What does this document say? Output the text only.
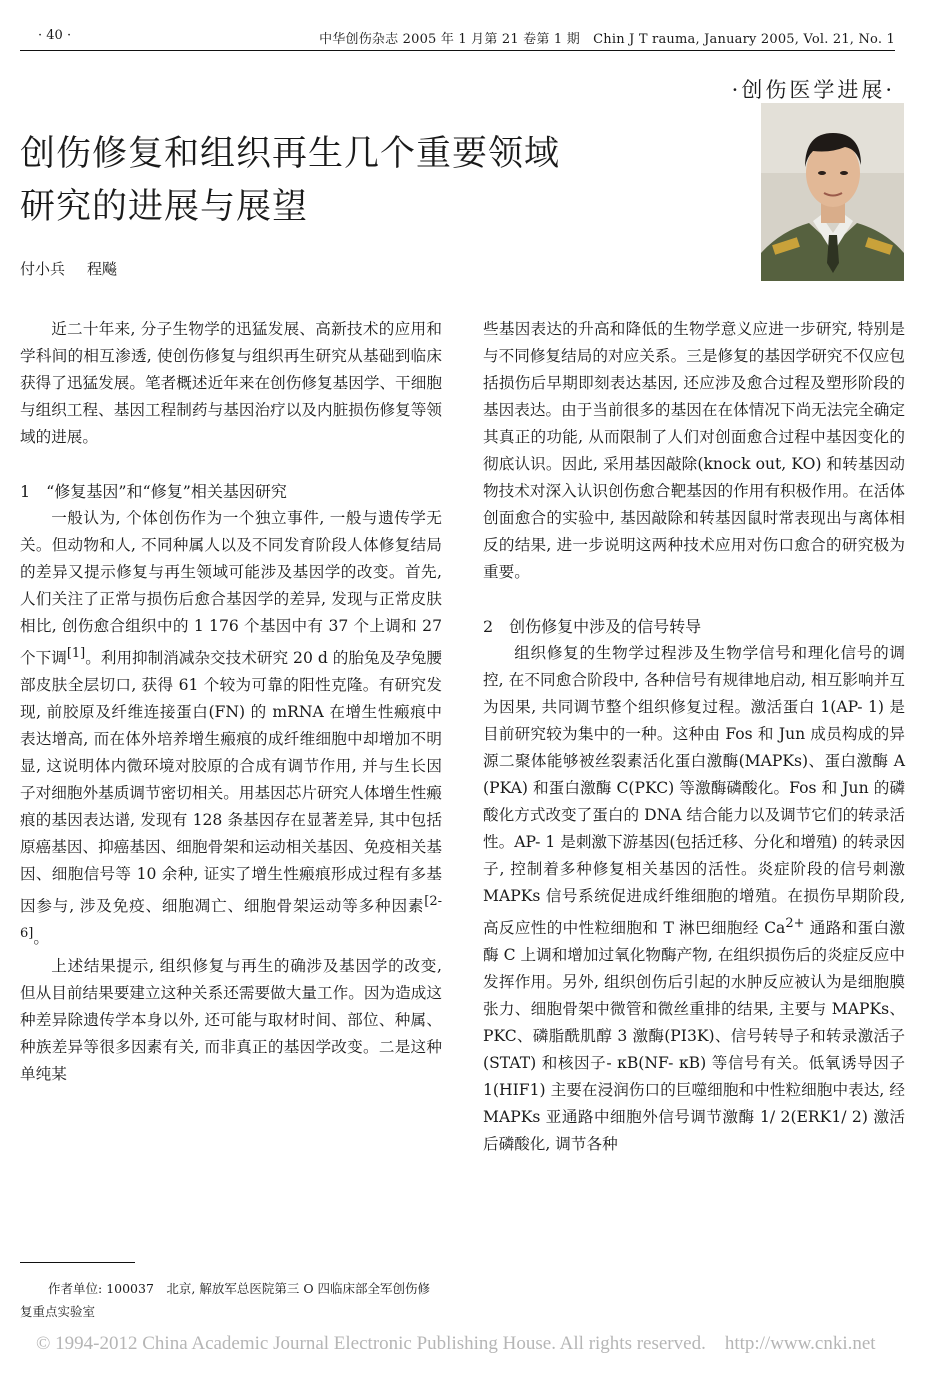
· 40 ·	中华创伤杂志 2005 年 1 月第 21 卷第 1 期　Chin J T rauma, January 2005, Vol. 21, No. 1
·创伤医学进展·
创伤修复和组织再生几个重要领域
研究的进展与展望
付小兵 程飚

近二十年来, 分子生物学的迅猛发展、高新技术的应用和学科间的相互渗透, 使创伤修复与组织再生研究从基础到临床获得了迅猛发展。笔者概述近年来在创伤修复基因学、干细胞与组织工程、基因工程制药与基因治疗以及内脏损伤修复等领域的进展。

1　“修复基因”和“修复”相关基因研究

一般认为, 个体创伤作为一个独立事件, 一般与遗传学无关。但动物和人, 不同种属人以及不同发育阶段人体修复结局的差异又提示修复与再生领域可能涉及基因学的改变。首先, 人们关注了正常与损伤后愈合基因学的差异, 发现与正常皮肤相比, 创伤愈合组织中的 1 176 个基因中有 37 个上调和 27 个下调[1]。利用抑制消减杂交技术研究 20 d 的胎兔及孕兔腰部皮肤全层切口, 获得 61 个较为可靠的阳性克隆。有研究发现, 前胶原及纤维连接蛋白(FN) 的 mRNA 在增生性瘢痕中表达增高, 而在体外培养增生瘢痕的成纤维细胞中却增加不明显, 这说明体内微环境对胶原的合成有调节作用, 并与生长因子对细胞外基质调节密切相关。用基因芯片研究人体增生性瘢痕的基因表达谱, 发现有 128 条基因存在显著差异, 其中包括原癌基因、抑癌基因、细胞骨架和运动相关基因、免疫相关基因、细胞信号等 10 余种, 证实了增生性瘢痕形成过程有多基因参与, 涉及免疫、细胞凋亡、细胞骨架运动等多种因素[2- 6]。

上述结果提示, 组织修复与再生的确涉及基因学的改变, 但从目前结果要建立这种关系还需要做大量工作。因为造成这种差异除遗传学本身以外, 还可能与取材时间、部位、种属、种族差异等很多因素有关, 而非真正的基因学改变。二是这种单纯某

些基因表达的升高和降低的生物学意义应进一步研究, 特别是与不同修复结局的对应关系。三是修复的基因学研究不仅应包括损伤后早期即刻表达基因, 还应涉及愈合过程及塑形阶段的基因表达。由于当前很多的基因在在体情况下尚无法完全确定其真正的功能, 从而限制了人们对创面愈合过程中基因变化的彻底认识。因此, 采用基因敲除(knock out, KO) 和转基因动物技术对深入认识创伤愈合靶基因的作用有积极作用。在活体创面愈合的实验中, 基因敲除和转基因鼠时常表现出与离体相反的结果, 进一步说明这两种技术应用对伤口愈合的研究极为重要。

2　创伤修复中涉及的信号转导

组织修复的生物学过程涉及生物学信号和理化信号的调控, 在不同愈合阶段中, 各种信号有规律地启动, 相互影响并互为因果, 共同调节整个组织修复过程。激活蛋白 1(AP- 1) 是目前研究较为集中的一种。这种由 Fos 和 Jun 成员构成的异源二聚体能够被丝裂素活化蛋白激酶(MAPKs)、蛋白激酶 A (PKA) 和蛋白激酶 C(PKC) 等激酶磷酸化。Fos 和 Jun 的磷酸化方式改变了蛋白的 DNA 结合能力以及调节它们的转录活性。AP- 1 是刺激下游基因(包括迁移、分化和增殖) 的转录因子, 控制着多种修复相关基因的活性。炎症阶段的信号刺激 MAPKs 信号系统促进成纤维细胞的增殖。在损伤早期阶段, 高反应性的中性粒细胞和 T 淋巴细胞经 $Ca^{2+}$ 通路和蛋白激酶 C 上调和增加过氧化物酶产物, 在组织损伤后的炎症反应中发挥作用。另外, 组织创伤后引起的水肿反应被认为是细胞膜张力、细胞骨架中微管和微丝重排的结果, 主要与 MAPKs、PKC、磷脂酰肌醇 3 激酶(PI3K)、信号转导子和转录激活子(STAT) 和核因子- κB(NF- κB) 等信号有关。低氧诱导因子 1(HIF1) 主要在浸润伤口的巨噬细胞和中性粒细胞中表达, 经 MAPKs 亚通路中细胞外信号调节激酶 1/ 2(ERK1/ 2) 激活后磷酸化, 调节各种

作者单位: 100037　北京, 解放军总医院第三 O 四临床部全军创伤修复重点实验室
© 1994-2012 China Academic Journal Electronic Publishing House. All rights reserved.　http://www.cnki.net
